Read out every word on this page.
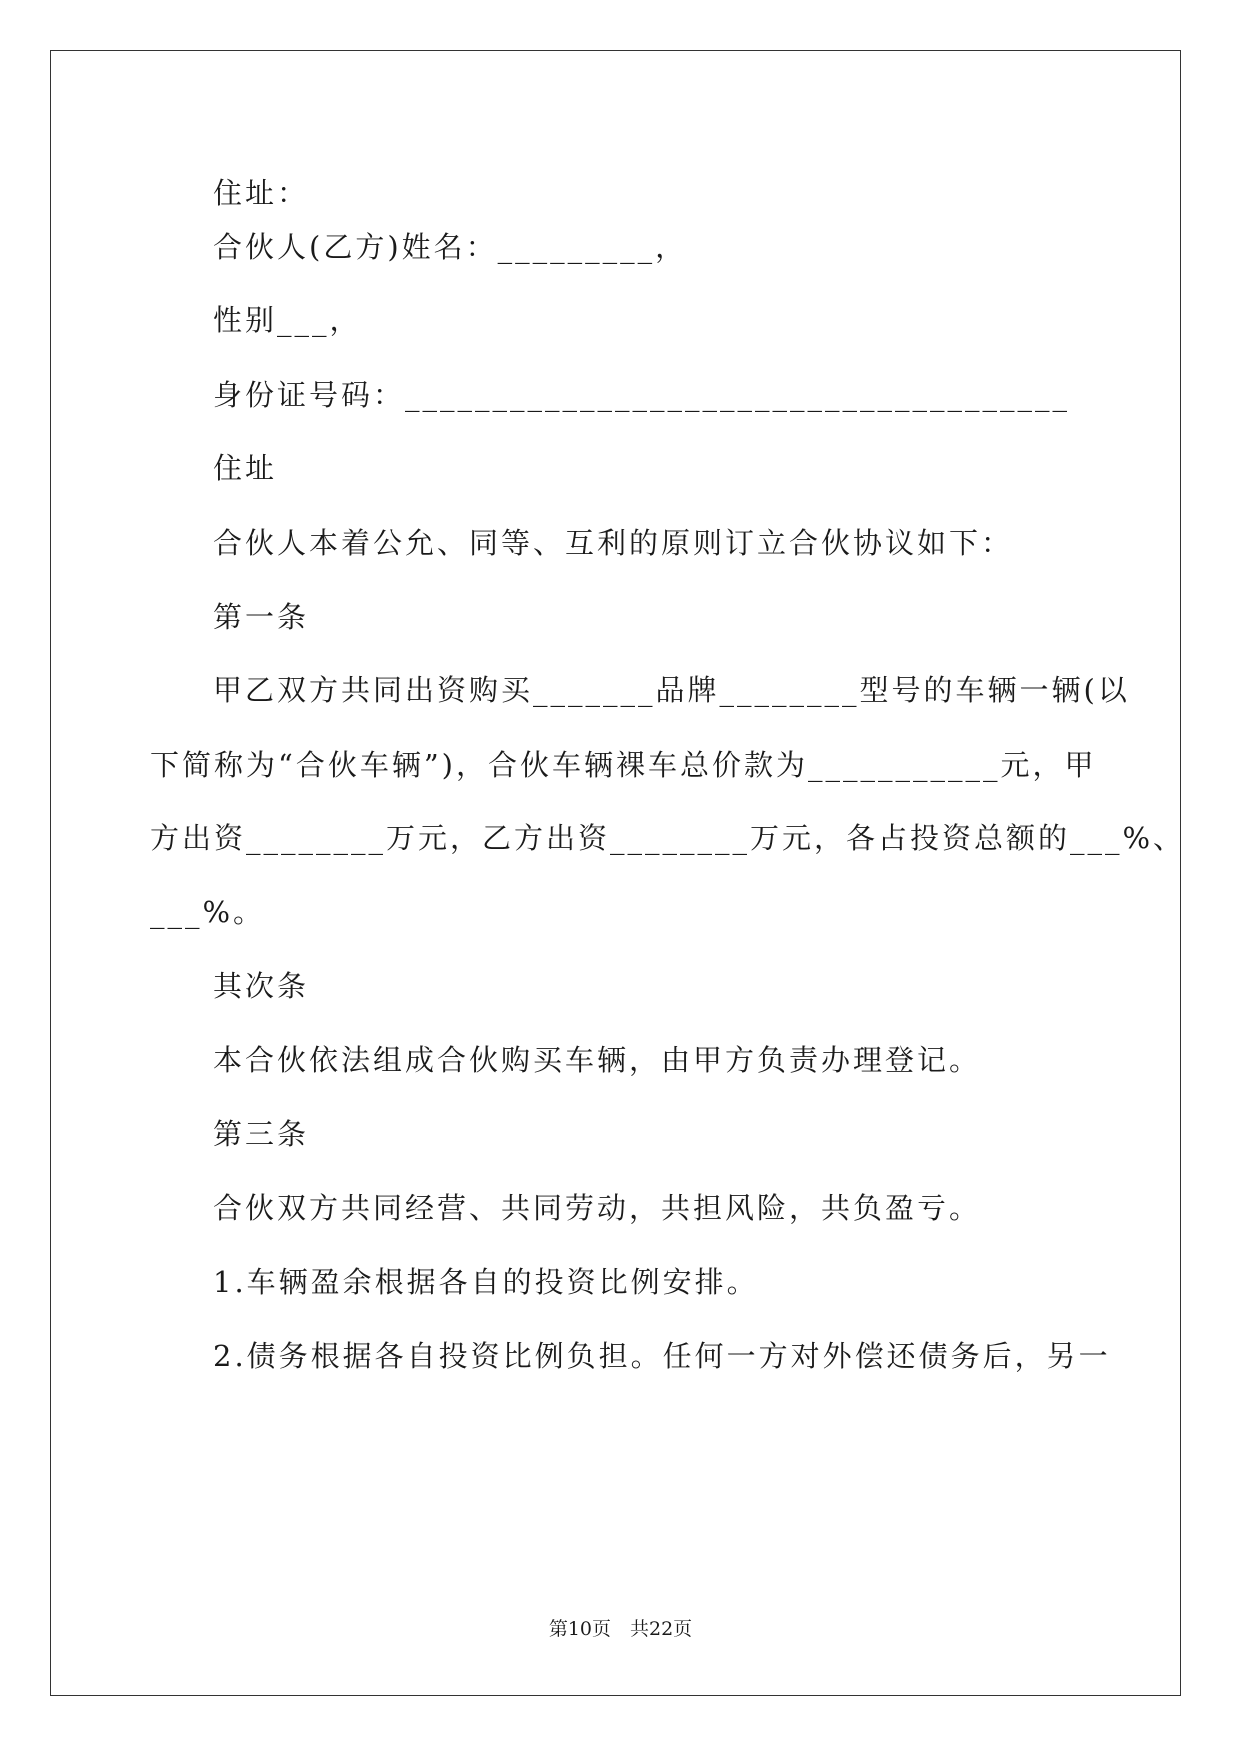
住址：
合伙人(乙方)姓名：_________，
性别___，
身份证号码：______________________________________
住址
合伙人本着公允、同等、互利的原则订立合伙协议如下：
第一条
甲乙双方共同出资购买_______品牌________型号的车辆一辆(以
下简称为“合伙车辆”)，合伙车辆裸车总价款为___________元，甲
方出资________万元，乙方出资________万元，各占投资总额的___%、
___%。
其次条
本合伙依法组成合伙购买车辆，由甲方负责办理登记。
第三条
合伙双方共同经营、共同劳动，共担风险，共负盈亏。
1.车辆盈余根据各自的投资比例安排。
2.债务根据各自投资比例负担。任何一方对外偿还债务后，另一
第10页　共22页
